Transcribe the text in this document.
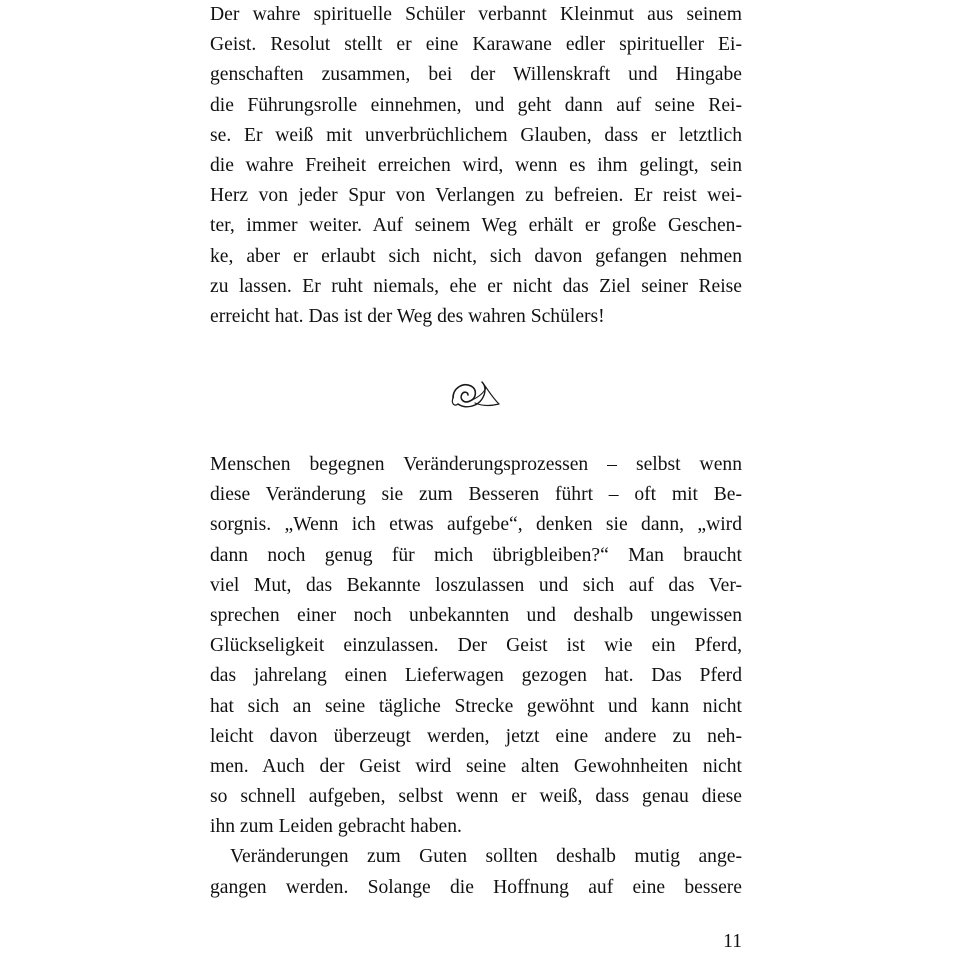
Der wahre spirituelle Schüler verbannt Kleinmut aus seinem
Geist. Resolut stellt er eine Karawane edler spiritueller Ei-
genschaften zusammen, bei der Willenskraft und Hingabe
die Führungsrolle einnehmen, und geht dann auf seine Rei-
se. Er weiß mit unverbrüchlichem Glauben, dass er letztlich
die wahre Freiheit erreichen wird, wenn es ihm gelingt, sein
Herz von jeder Spur von Verlangen zu befreien. Er reist wei-
ter, immer weiter. Auf seinem Weg erhält er große Geschen-
ke, aber er erlaubt sich nicht, sich davon gefangen nehmen
zu lassen. Er ruht niemals, ehe er nicht das Ziel seiner Reise
erreicht hat. Das ist der Weg des wahren Schülers!
Menschen begegnen Veränderungsprozessen – selbst wenn
diese Veränderung sie zum Besseren führt – oft mit Be-
sorgnis. „Wenn ich etwas aufgebe“, denken sie dann, „wird
dann noch genug für mich übrigbleiben?“ Man braucht
viel Mut, das Bekannte loszulassen und sich auf das Ver-
sprechen einer noch unbekannten und deshalb ungewissen
Glückseligkeit einzulassen. Der Geist ist wie ein Pferd,
das jahrelang einen Lieferwagen gezogen hat. Das Pferd
hat sich an seine tägliche Strecke gewöhnt und kann nicht
leicht davon überzeugt werden, jetzt eine andere zu neh-
men. Auch der Geist wird seine alten Gewohnheiten nicht
so schnell aufgeben, selbst wenn er weiß, dass genau diese
ihn zum Leiden gebracht haben.
Veränderungen zum Guten sollten deshalb mutig ange-
gangen werden. Solange die Hoffnung auf eine bessere
11
